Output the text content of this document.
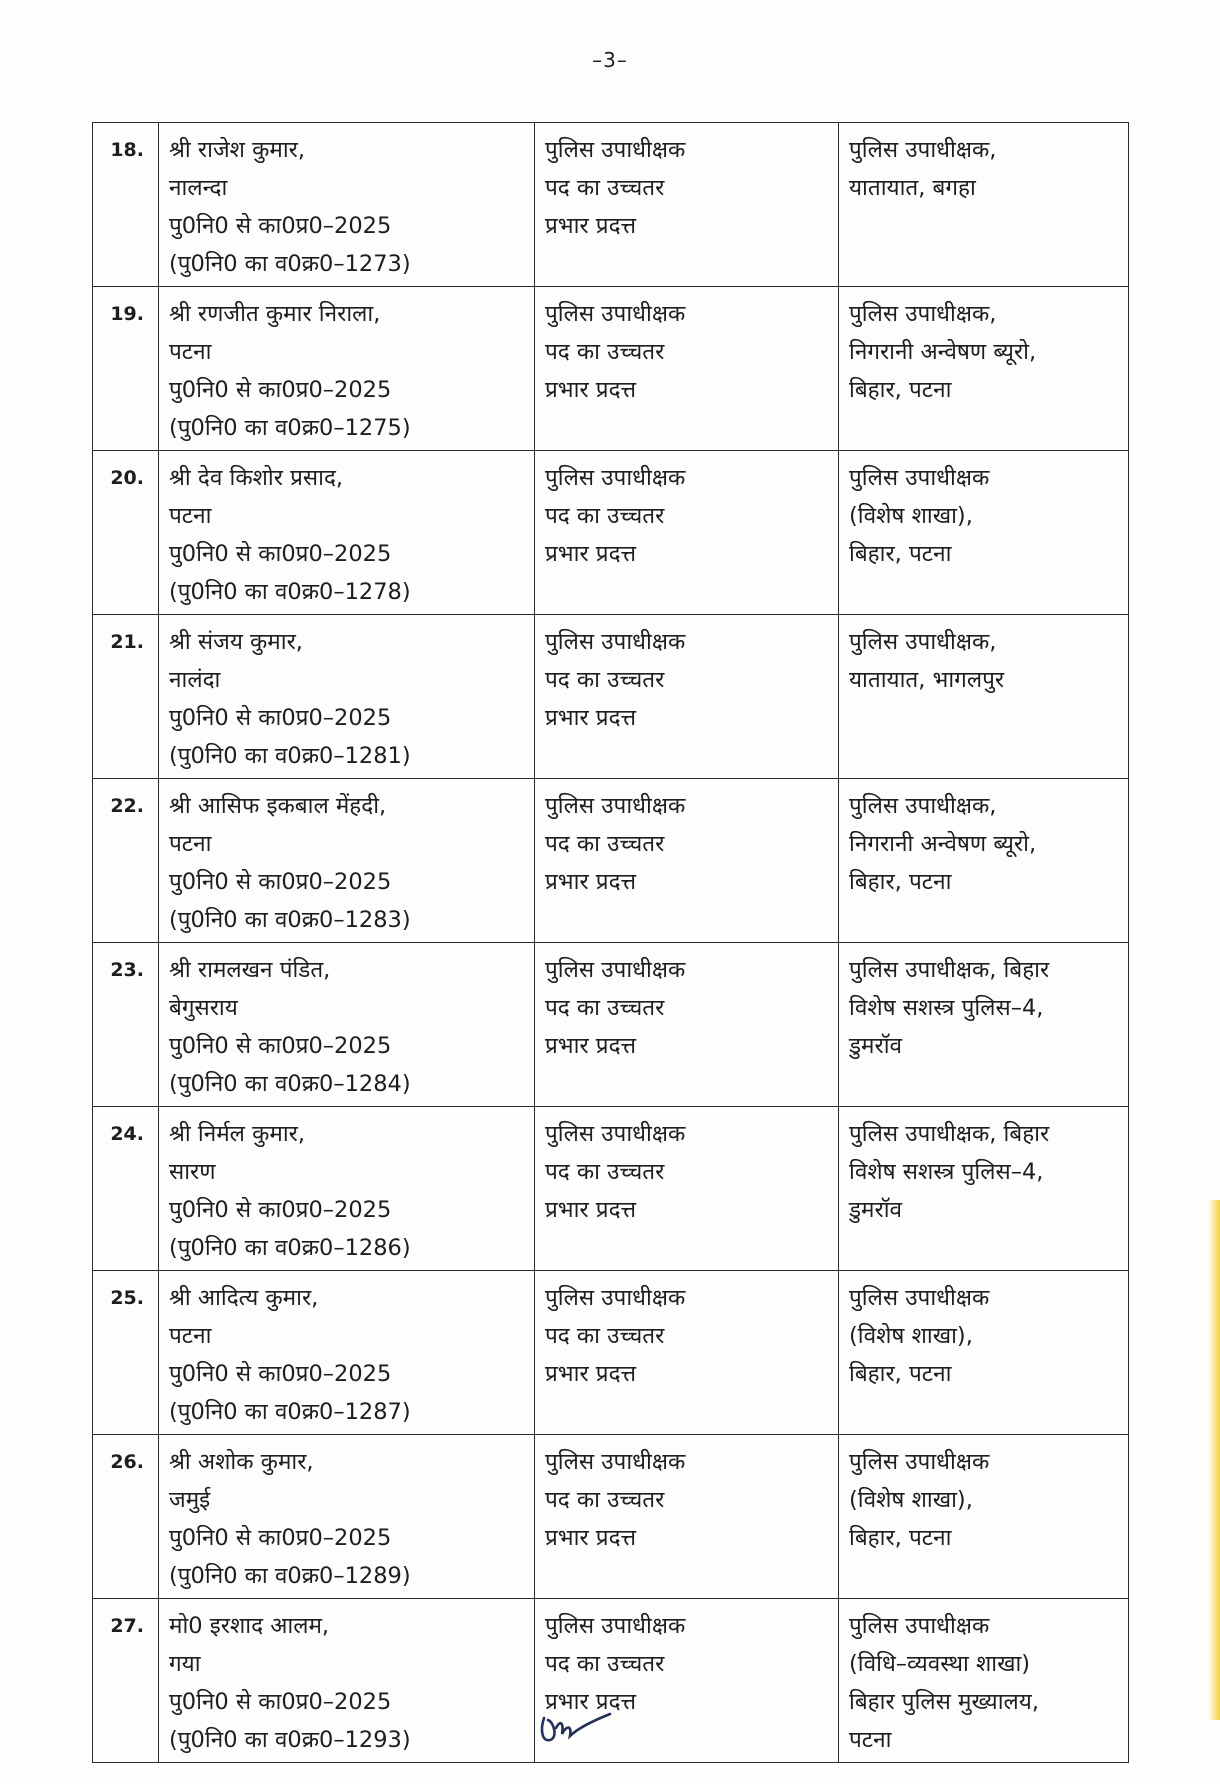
–3–
18.	श्री राजेश कुमार,
नालन्दा
पु0नि0 से का0प्र0–2025
(पु0नि0 का व0क्र0–1273)	पुलिस उपाधीक्षक
पद का उच्चतर
प्रभार प्रदत्त	पुलिस उपाधीक्षक,
यातायात, बगहा

19.	श्री रणजीत कुमार निराला,
पटना
पु0नि0 से का0प्र0–2025
(पु0नि0 का व0क्र0–1275)	पुलिस उपाधीक्षक
पद का उच्चतर
प्रभार प्रदत्त	पुलिस उपाधीक्षक,
निगरानी अन्वेषण ब्यूरो,
बिहार, पटना

20.	श्री देव किशोर प्रसाद,
पटना
पु0नि0 से का0प्र0–2025
(पु0नि0 का व0क्र0–1278)	पुलिस उपाधीक्षक
पद का उच्चतर
प्रभार प्रदत्त	पुलिस उपाधीक्षक
(विशेष शाखा),
बिहार, पटना

21.	श्री संजय कुमार,
नालंदा
पु0नि0 से का0प्र0–2025
(पु0नि0 का व0क्र0–1281)	पुलिस उपाधीक्षक
पद का उच्चतर
प्रभार प्रदत्त	पुलिस उपाधीक्षक,
यातायात, भागलपुर

22.	श्री आसिफ इकबाल मेंहदी,
पटना
पु0नि0 से का0प्र0–2025
(पु0नि0 का व0क्र0–1283)	पुलिस उपाधीक्षक
पद का उच्चतर
प्रभार प्रदत्त	पुलिस उपाधीक्षक,
निगरानी अन्वेषण ब्यूरो,
बिहार, पटना

23.	श्री रामलखन पंडित,
बेगुसराय
पु0नि0 से का0प्र0–2025
(पु0नि0 का व0क्र0–1284)	पुलिस उपाधीक्षक
पद का उच्चतर
प्रभार प्रदत्त	पुलिस उपाधीक्षक, बिहार
विशेष सशस्त्र पुलिस–4,
डुमरॉव

24.	श्री निर्मल कुमार,
सारण
पु0नि0 से का0प्र0–2025
(पु0नि0 का व0क्र0–1286)	पुलिस उपाधीक्षक
पद का उच्चतर
प्रभार प्रदत्त	पुलिस उपाधीक्षक, बिहार
विशेष सशस्त्र पुलिस–4,
डुमरॉव

25.	श्री आदित्य कुमार,
पटना
पु0नि0 से का0प्र0–2025
(पु0नि0 का व0क्र0–1287)	पुलिस उपाधीक्षक
पद का उच्चतर
प्रभार प्रदत्त	पुलिस उपाधीक्षक
(विशेष शाखा),
बिहार, पटना

26.	श्री अशोक कुमार,
जमुई
पु0नि0 से का0प्र0–2025
(पु0नि0 का व0क्र0–1289)	पुलिस उपाधीक्षक
पद का उच्चतर
प्रभार प्रदत्त	पुलिस उपाधीक्षक
(विशेष शाखा),
बिहार, पटना

27.	मो0 इरशाद आलम,
गया
पु0नि0 से का0प्र0–2025
(पु0नि0 का व0क्र0–1293)	पुलिस उपाधीक्षक
पद का उच्चतर
प्रभार प्रदत्त	पुलिस उपाधीक्षक
(विधि–व्यवस्था शाखा)
बिहार पुलिस मुख्यालय,
पटना
